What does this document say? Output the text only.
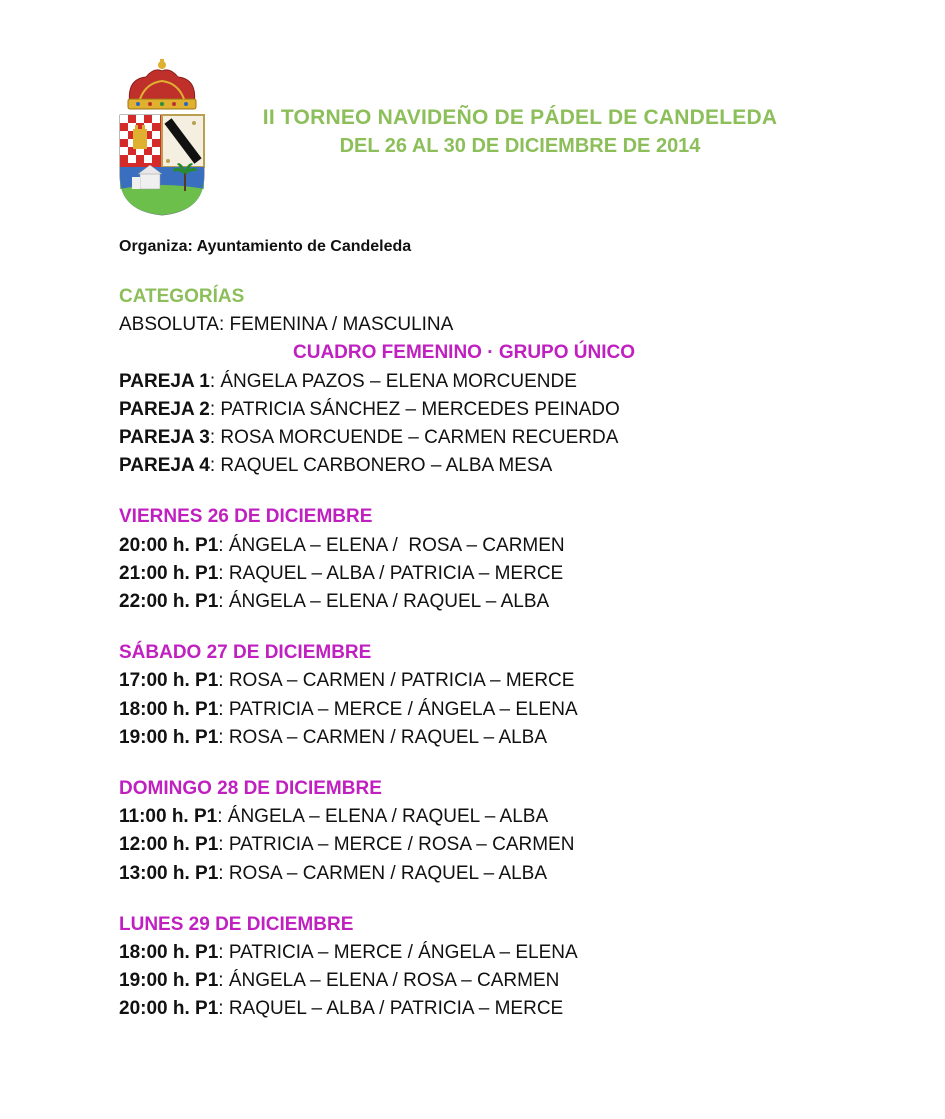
II TORNEO NAVIDEÑO DE PÁDEL DE CANDELEDA
DEL 26 AL 30 DE DICIEMBRE DE 2014
Organiza: Ayuntamiento de Candeleda
CATEGORÍAS
ABSOLUTA: FEMENINA / MASCULINA
CUADRO FEMENINO · GRUPO ÚNICO
PAREJA 1: ÁNGELA PAZOS – ELENA MORCUENDE
PAREJA 2: PATRICIA SÁNCHEZ – MERCEDES PEINADO
PAREJA 3: ROSA MORCUENDE – CARMEN RECUERDA
PAREJA 4: RAQUEL CARBONERO – ALBA MESA
VIERNES 26 DE DICIEMBRE
20:00 h. P1: ÁNGELA – ELENA /  ROSA – CARMEN
21:00 h. P1: RAQUEL – ALBA / PATRICIA – MERCE
22:00 h. P1: ÁNGELA – ELENA / RAQUEL – ALBA
SÁBADO 27 DE DICIEMBRE
17:00 h. P1: ROSA – CARMEN / PATRICIA – MERCE
18:00 h. P1: PATRICIA – MERCE / ÁNGELA – ELENA
19:00 h. P1: ROSA – CARMEN / RAQUEL – ALBA
DOMINGO 28 DE DICIEMBRE
11:00 h. P1: ÁNGELA – ELENA / RAQUEL – ALBA
12:00 h. P1: PATRICIA – MERCE / ROSA – CARMEN
13:00 h. P1: ROSA – CARMEN / RAQUEL – ALBA
LUNES 29 DE DICIEMBRE
18:00 h. P1: PATRICIA – MERCE / ÁNGELA – ELENA
19:00 h. P1: ÁNGELA – ELENA / ROSA – CARMEN
20:00 h. P1: RAQUEL – ALBA / PATRICIA – MERCE
